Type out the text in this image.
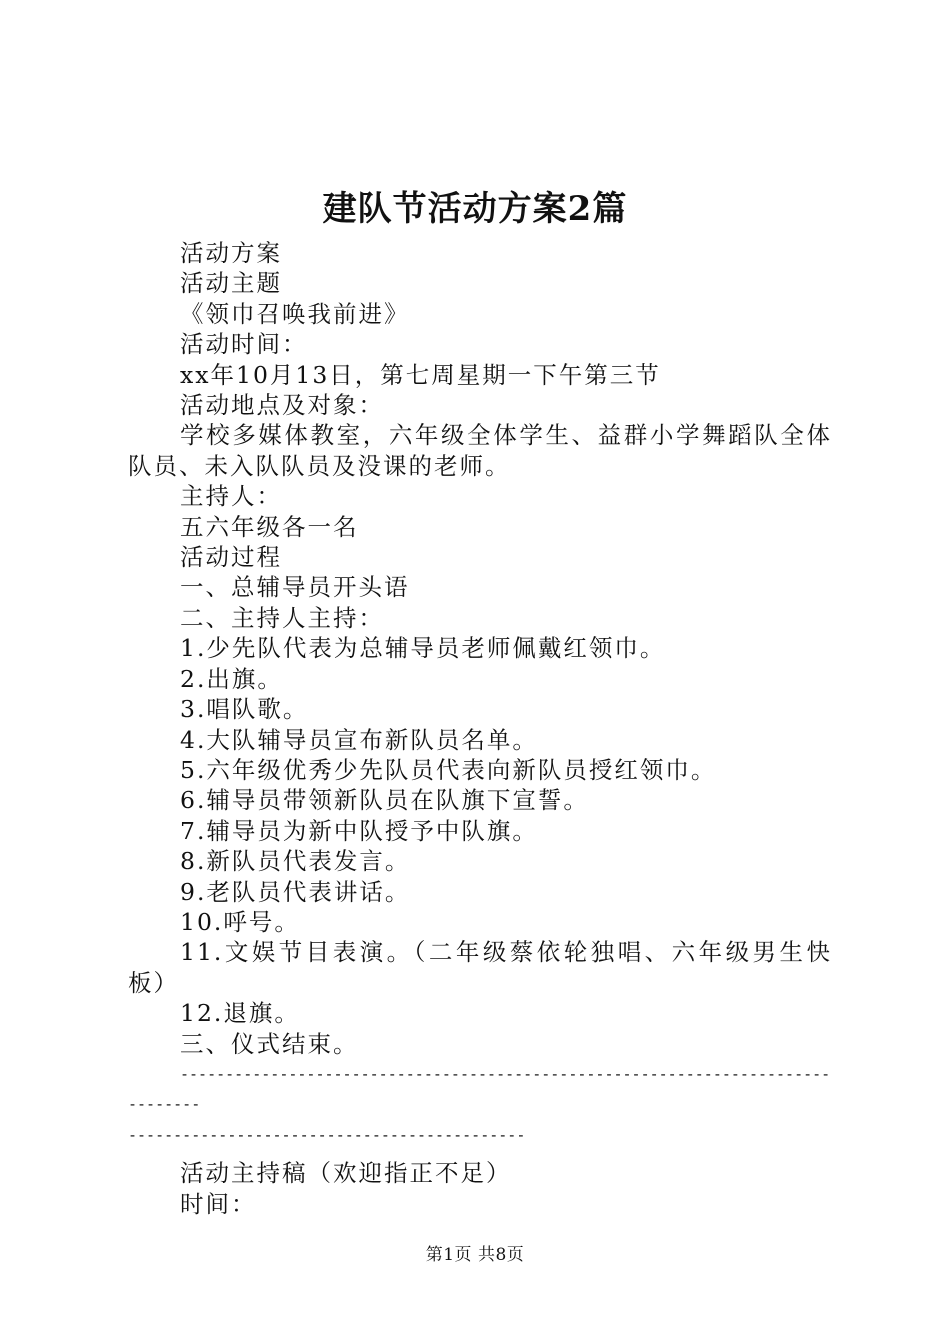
建队节活动方案2篇

活动方案

活动主题

《领巾召唤我前进》

活动时间：

xx年10月13日，第七周星期一下午第三节

活动地点及对象：

学校多媒体教室，六年级全体学生、益群小学舞蹈队全体队员、未入队队员及没课的老师。

主持人：

五六年级各一名

活动过程

一、总辅导员开头语

二、主持人主持：

1.少先队代表为总辅导员老师佩戴红领巾。

2.出旗。

3.唱队歌。

4.大队辅导员宣布新队员名单。

5.六年级优秀少先队员代表向新队员授红领巾。

6.辅导员带领新队员在队旗下宣誓。

7.辅导员为新中队授予中队旗。

8.新队员代表发言。

9.老队员代表讲话。

10.呼号。

11.文娱节目表演。（二年级蔡依轮独唱、六年级男生快板）

12.退旗。

三、仪式结束。

--------------------------------------------------------------------------------

--------------------------------------------

活动主持稿（欢迎指正不足）

时间：

第1页 共8页
